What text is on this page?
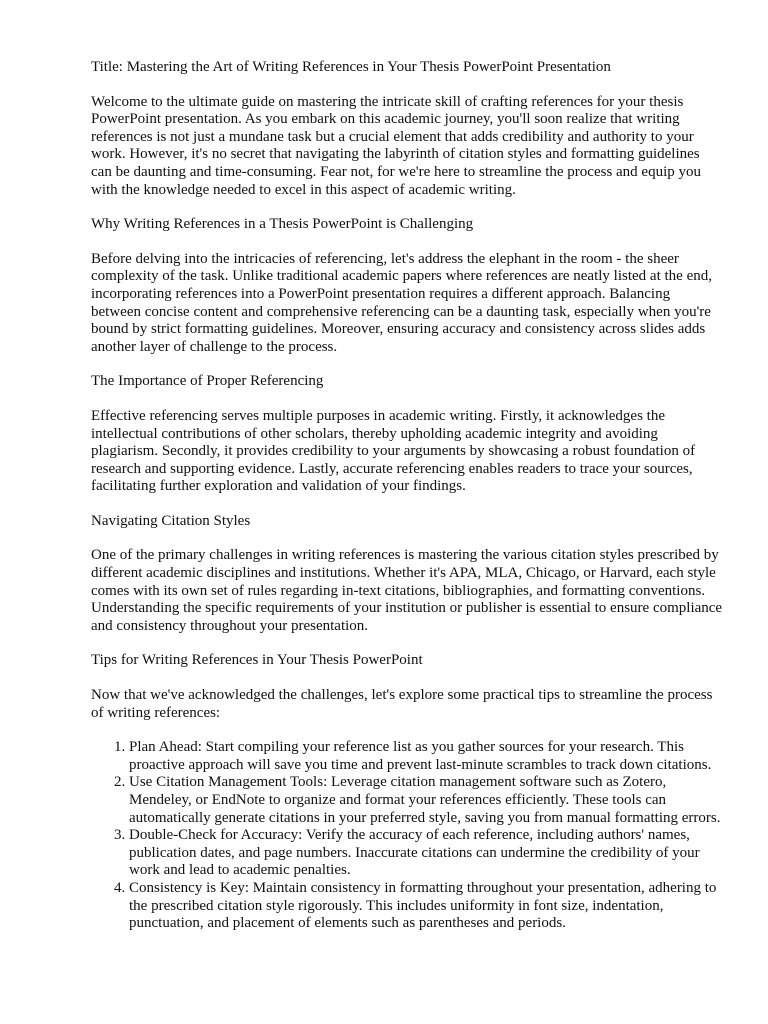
Title: Mastering the Art of Writing References in Your Thesis PowerPoint Presentation

Welcome to the ultimate guide on mastering the intricate skill of crafting references for your thesis PowerPoint presentation. As you embark on this academic journey, you'll soon realize that writing references is not just a mundane task but a crucial element that adds credibility and authority to your work. However, it's no secret that navigating the labyrinth of citation styles and formatting guidelines can be daunting and time-consuming. Fear not, for we're here to streamline the process and equip you with the knowledge needed to excel in this aspect of academic writing.

Why Writing References in a Thesis PowerPoint is Challenging

Before delving into the intricacies of referencing, let's address the elephant in the room - the sheer complexity of the task. Unlike traditional academic papers where references are neatly listed at the end, incorporating references into a PowerPoint presentation requires a different approach. Balancing between concise content and comprehensive referencing can be a daunting task, especially when you're bound by strict formatting guidelines. Moreover, ensuring accuracy and consistency across slides adds another layer of challenge to the process.

The Importance of Proper Referencing

Effective referencing serves multiple purposes in academic writing. Firstly, it acknowledges the intellectual contributions of other scholars, thereby upholding academic integrity and avoiding plagiarism. Secondly, it provides credibility to your arguments by showcasing a robust foundation of research and supporting evidence. Lastly, accurate referencing enables readers to trace your sources, facilitating further exploration and validation of your findings.

Navigating Citation Styles

One of the primary challenges in writing references is mastering the various citation styles prescribed by different academic disciplines and institutions. Whether it's APA, MLA, Chicago, or Harvard, each style comes with its own set of rules regarding in-text citations, bibliographies, and formatting conventions. Understanding the specific requirements of your institution or publisher is essential to ensure compliance and consistency throughout your presentation.

Tips for Writing References in Your Thesis PowerPoint

Now that we've acknowledged the challenges, let's explore some practical tips to streamline the process of writing references:

1. Plan Ahead: Start compiling your reference list as you gather sources for your research. This proactive approach will save you time and prevent last-minute scrambles to track down citations.
2. Use Citation Management Tools: Leverage citation management software such as Zotero, Mendeley, or EndNote to organize and format your references efficiently. These tools can automatically generate citations in your preferred style, saving you from manual formatting errors.
3. Double-Check for Accuracy: Verify the accuracy of each reference, including authors' names, publication dates, and page numbers. Inaccurate citations can undermine the credibility of your work and lead to academic penalties.
4. Consistency is Key: Maintain consistency in formatting throughout your presentation, adhering to the prescribed citation style rigorously. This includes uniformity in font size, indentation, punctuation, and placement of elements such as parentheses and periods.
